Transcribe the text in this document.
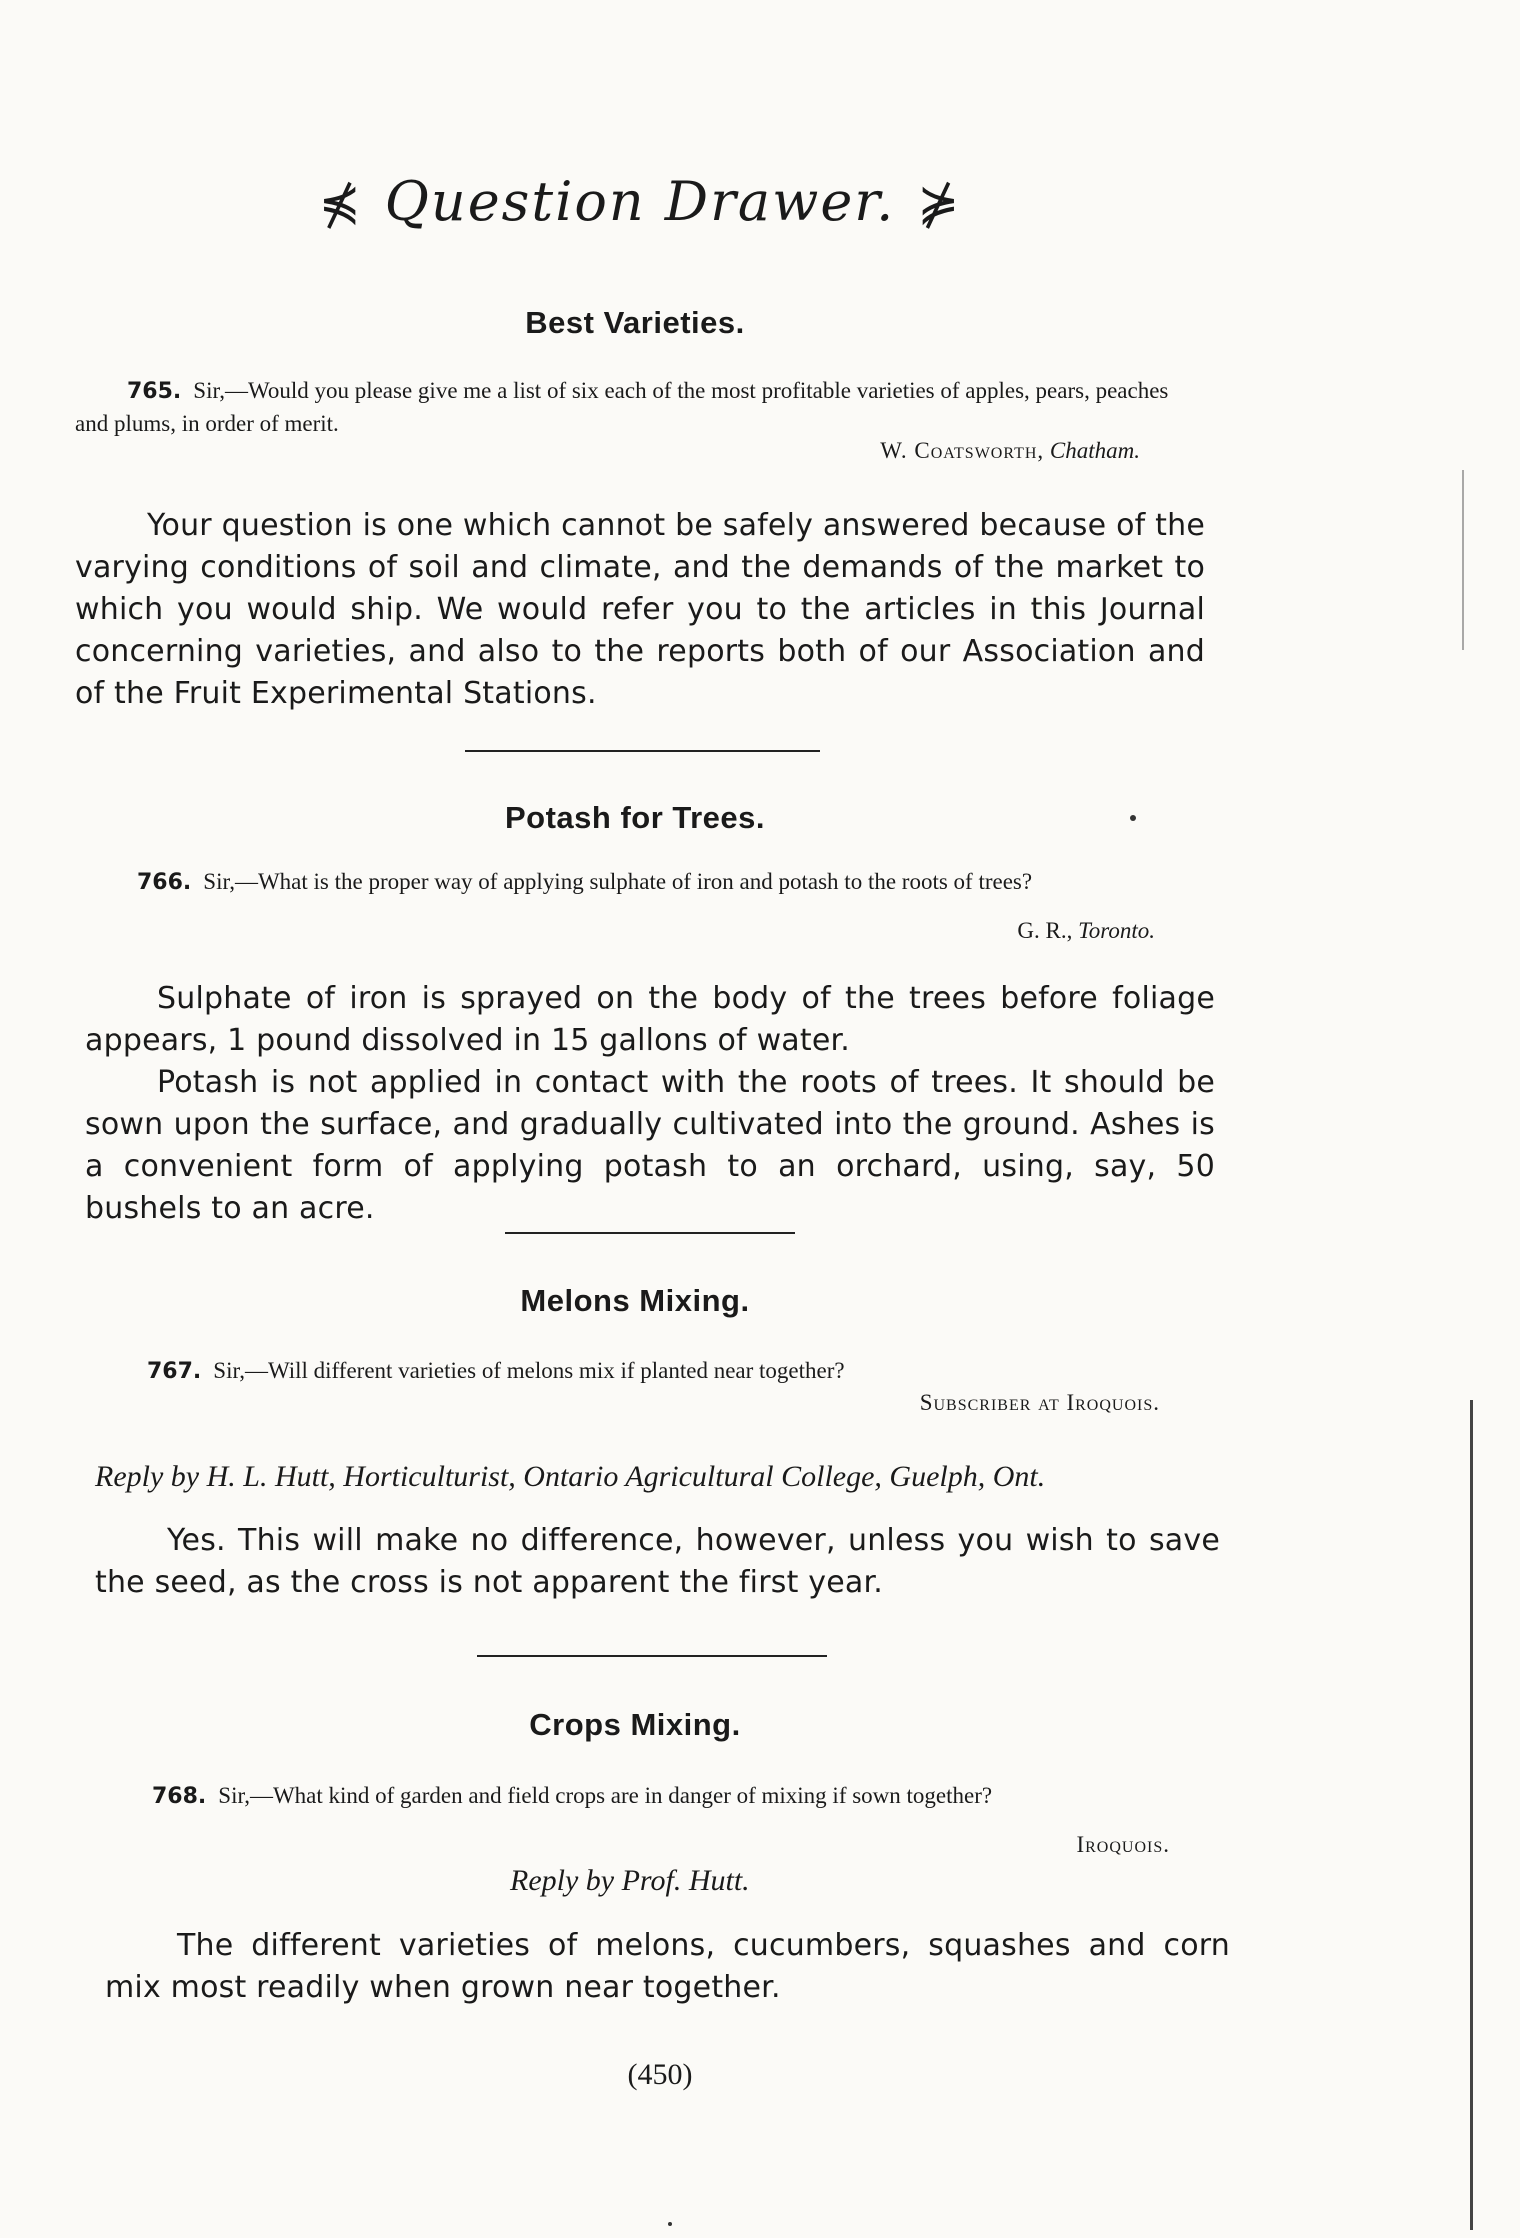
⋠ Question Drawer. ⋡
Best Varieties.
765. Sir,—Would you please give me a list of six each of the most profitable varieties of apples, pears, peaches and plums, in order of merit.
W. Coatsworth, Chatham.

Your question is one which cannot be safely answered because of the varying conditions of soil and climate, and the demands of the market to which you would ship. We would refer you to the articles in this Journal concerning varieties, and also to the reports both of our Association and of the Fruit Experimental Stations.

Potash for Trees.
766. Sir,—What is the proper way of applying sulphate of iron and potash to the roots of trees?
G. R., Toronto.

Sulphate of iron is sprayed on the body of the trees before foliage appears, 1 pound dissolved in 15 gallons of water.

Potash is not applied in contact with the roots of trees. It should be sown upon the surface, and gradually cultivated into the ground. Ashes is a convenient form of applying potash to an orchard, using, say, 50 bushels to an acre.

Melons Mixing.
767. Sir,—Will different varieties of melons mix if planted near together?
Subscriber at Iroquois.
Reply by H. L. Hutt, Horticulturist, Ontario Agricultural College, Guelph, Ont.

Yes. This will make no difference, however, unless you wish to save the seed, as the cross is not apparent the first year.

Crops Mixing.
768. Sir,—What kind of garden and field crops are in danger of mixing if sown together?
Iroquois.
Reply by Prof. Hutt.

The different varieties of melons, cucumbers, squashes and corn mix most readily when grown near together.

(450)
